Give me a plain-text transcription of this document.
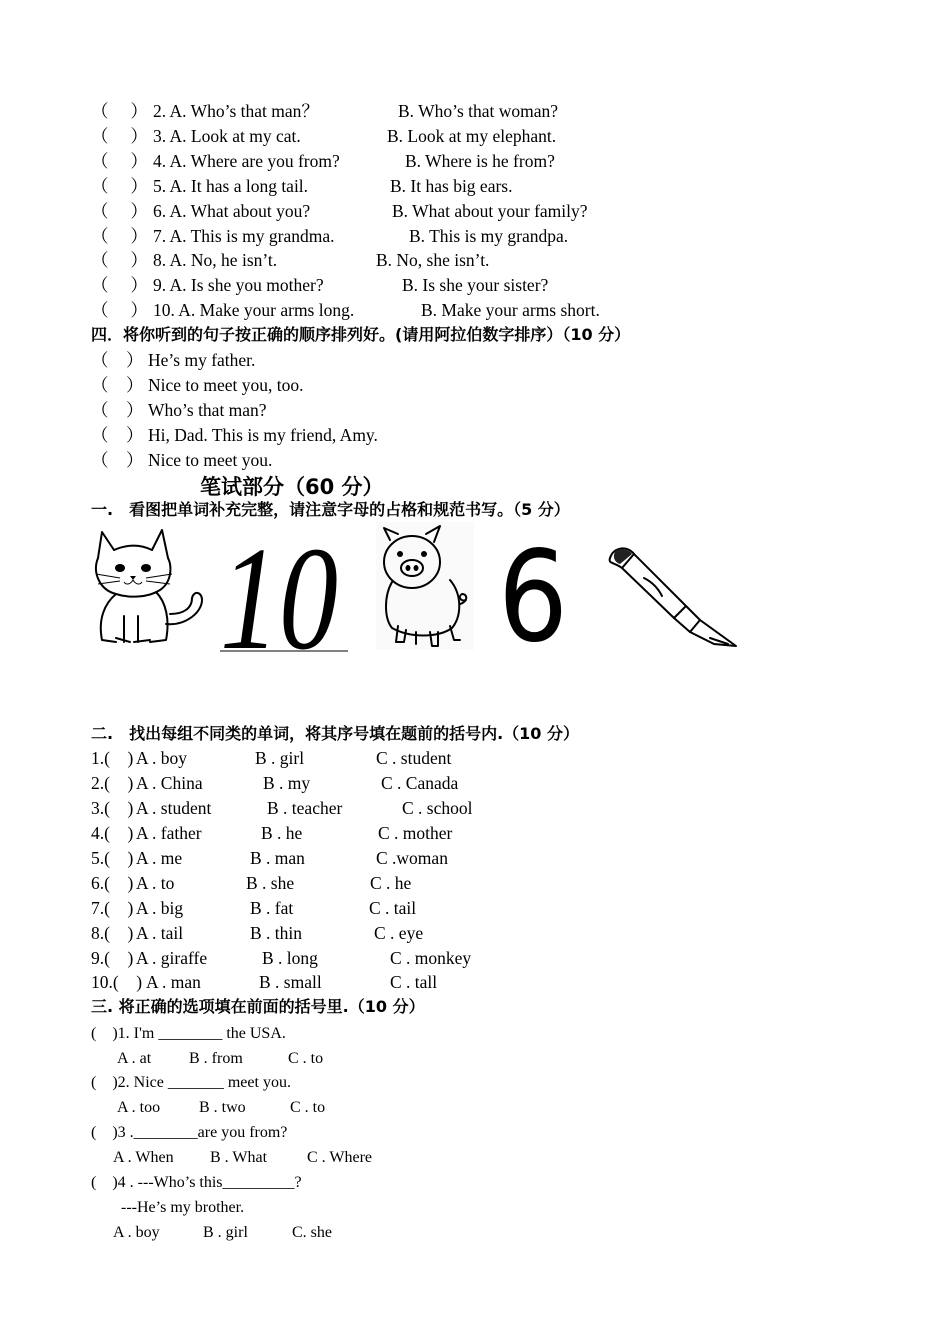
（　 ） 2. A. Who’s that man？	B. Who’s that woman?
（　 ） 3. A. Look at my cat.	B. Look at my elephant.
（　 ） 4. A. Where are you from?	B. Where is he from?
（　 ） 5. A. It has a long tail.	B. It has big ears.
（　 ） 6. A. What about you?	B. What about your family?
（　 ） 7. A. This is my grandma.	B. This is my grandpa.
（　 ） 8. A. No, he isn’t.	B. No, she isn’t.
（　 ） 9. A. Is she you mother?	B. Is she your sister?
（　 ） 10. A. Make your arms long.	B. Make your arms short.
四．将你听到的句子按正确的顺序排列好。(请用阿拉伯数字排序）（10 分）
（　） He’s my father.
（　） Nice to meet you, too.
（　） Who’s that man?
（　） Hi, Dad. This is my friend, Amy.
（　） Nice to meet you.
笔试部分（60 分）
一.　看图把单词补充完整，请注意字母的占格和规范书写。（5 分）
10 6
二.　找出每组不同类的单词，将其序号填在题前的括号内.（10 分）
1.(　) A . boy	B . girl	C . student
2.(　) A . China	B . my	C . Canada
3.(　) A . student	B . teacher	C . school
4.(　) A . father	B . he	C . mother
5.(　) A . me	B . man	C .woman
6.(　) A . to	B . she	C . he
7.(　) A . big	B . fat	C . tail
8.(　) A . tail	B . thin	C . eye
9.(　) A . giraffe	B . long	C . monkey
10.(　) A . man	B . small	C . tall
三. 将正确的选项填在前面的括号里.（10 分）
(　)1. I'm ________ the USA.
A . at B . from	C . to
(　)2. Nice _______ meet you.
A . too B . two	C . to
(　)3 .________are you from?
A . When B . What C . Where
(　)4 . ---Who’s this_________?
---He’s my brother.
A . boy	B . girl	C. she
